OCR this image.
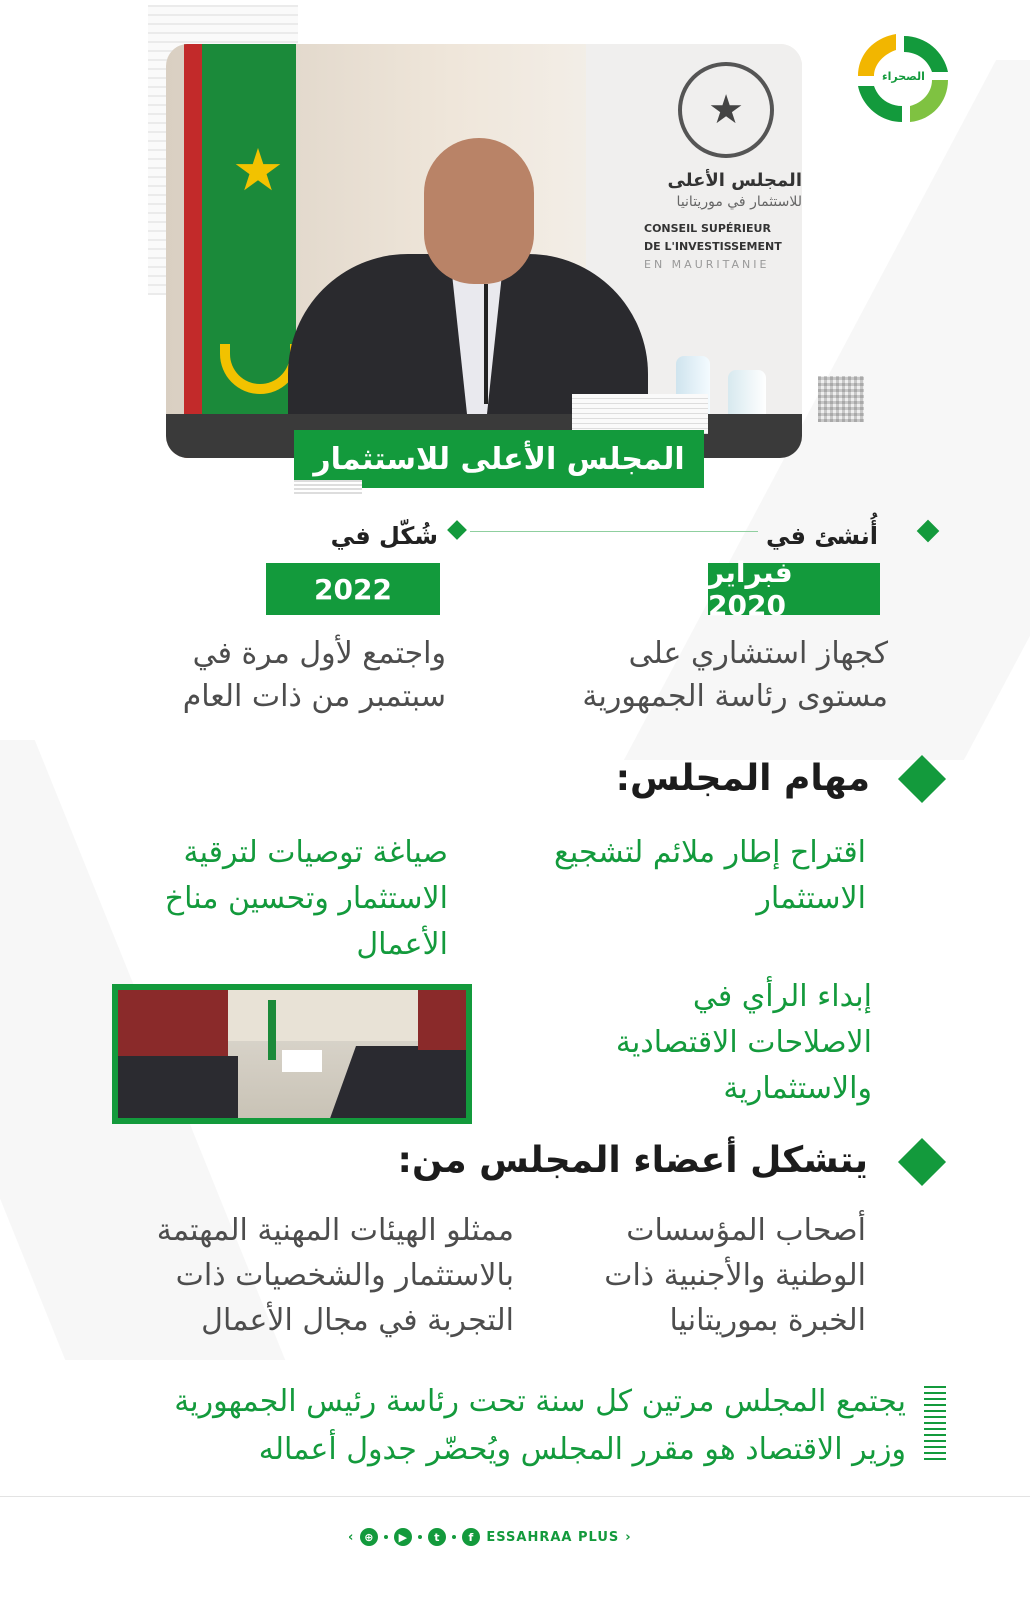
الصحراء
★
★
المجلس الأعلى
للاستثمار في موريتانيا
CONSEIL SUPÉRIEUR
DE L'INVESTISSEMENT
EN MAURITANIE
المجلس الأعلى للاستثمار
أُنشئ في
شُكّل في
فبراير 2020
2022
كجهاز استشاري على
مستوى رئاسة الجمهورية
واجتمع لأول مرة في
سبتمبر من ذات العام
مهام المجلس:
اقتراح إطار ملائم لتشجيع
الاستثمار
صياغة توصيات لترقية
الاستثمار وتحسين مناخ
الأعمال
إبداء الرأي في
الاصلاحات الاقتصادية
والاستثمارية
يتشكل أعضاء المجلس من:
أصحاب المؤسسات
الوطنية والأجنبية ذات
الخبرة بموريتانيا
ممثلو الهيئات المهنية المهتمة
بالاستثمار والشخصيات ذات
التجربة في مجال الأعمال
يجتمع المجلس مرتين كل سنة تحت رئاسة رئيس الجمهورية
وزير الاقتصاد هو مقرر المجلس ويُحضّر جدول أعماله
‹ ⊕	▶	t	f ESSAHRAA PLUS ›
